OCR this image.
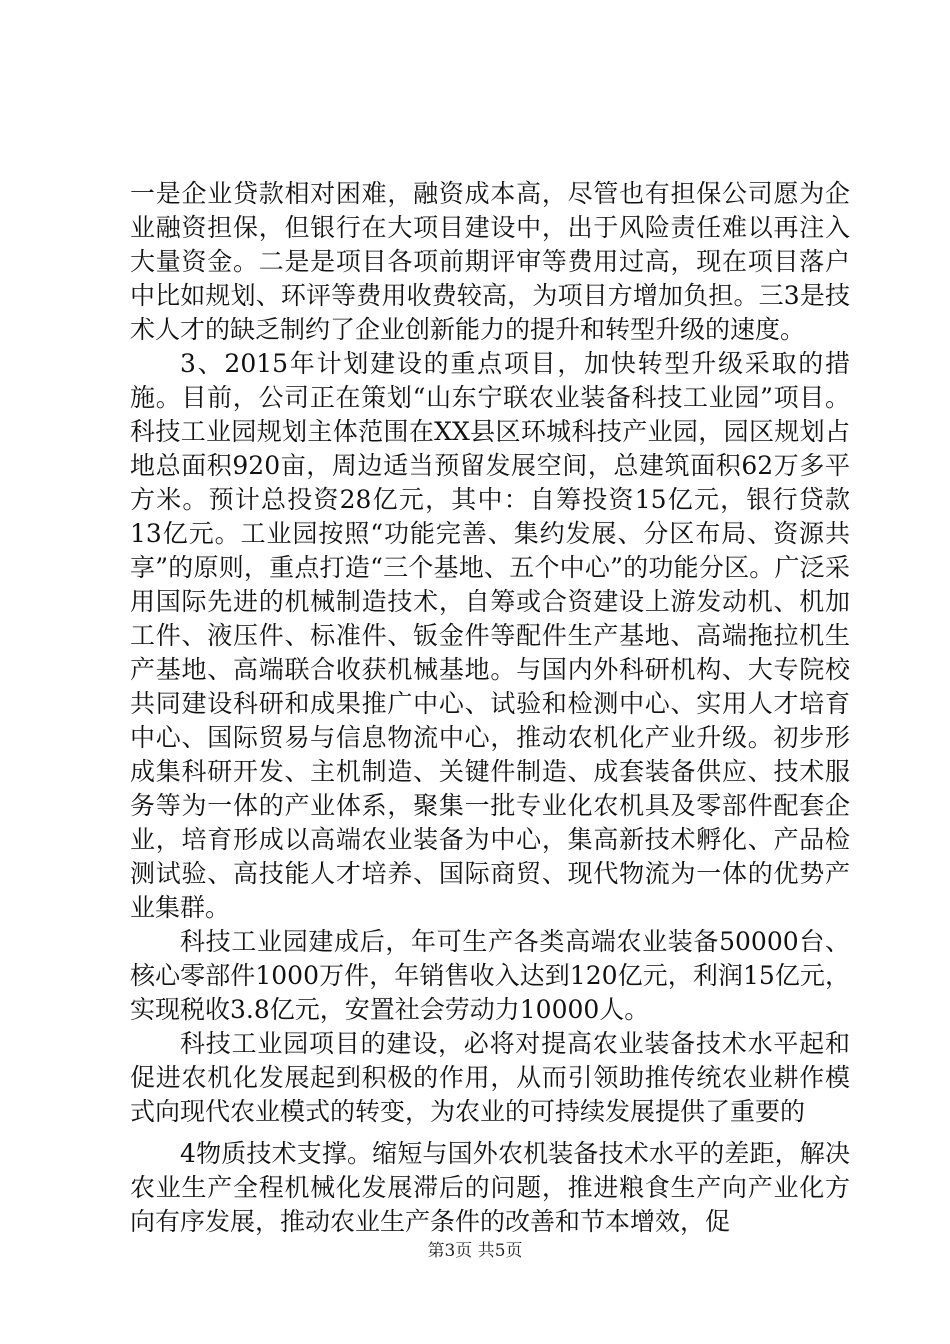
一是企业贷款相对困难，融资成本高，尽管也有担保公司愿为企业融资担保，但银行在大项目建设中，出于风险责任难以再注入大量资金。二是是项目各项前期评审等费用过高，现在项目落户中比如规划、环评等费用收费较高，为项目方增加负担。三3是技术人才的缺乏制约了企业创新能力的提升和转型升级的速度。

3、2015年计划建设的重点项目，加快转型升级采取的措施。目前，公司正在策划“山东宁联农业装备科技工业园”项目。科技工业园规划主体范围在XX县区环城科技产业园，园区规划占地总面积920亩，周边适当预留发展空间，总建筑面积62万多平方米。预计总投资28亿元，其中：自筹投资15亿元，银行贷款13亿元。工业园按照“功能完善、集约发展、分区布局、资源共享”的原则，重点打造“三个基地、五个中心”的功能分区。广泛采用国际先进的机械制造技术，自筹或合资建设上游发动机、机加工件、液压件、标准件、钣金件等配件生产基地、高端拖拉机生产基地、高端联合收获机械基地。与国内外科研机构、大专院校共同建设科研和成果推广中心、试验和检测中心、实用人才培育中心、国际贸易与信息物流中心，推动农机化产业升级。初步形成集科研开发、主机制造、关键件制造、成套装备供应、技术服务等为一体的产业体系，聚集一批专业化农机具及零部件配套企业，培育形成以高端农业装备为中心，集高新技术孵化、产品检测试验、高技能人才培养、国际商贸、现代物流为一体的优势产业集群。

科技工业园建成后，年可生产各类高端农业装备50000台、核心零部件1000万件，年销售收入达到120亿元，利润15亿元，实现税收3.8亿元，安置社会劳动力10000人。

科技工业园项目的建设，必将对提高农业装备技术水平起和促进农机化发展起到积极的作用，从而引领助推传统农业耕作模式向现代农业模式的转变，为农业的可持续发展提供了重要的

4物质技术支撑。缩短与国外农机装备技术水平的差距，解决农业生产全程机械化发展滞后的问题，推进粮食生产向产业化方向有序发展，推动农业生产条件的改善和节本增效，促

第3页 共5页
